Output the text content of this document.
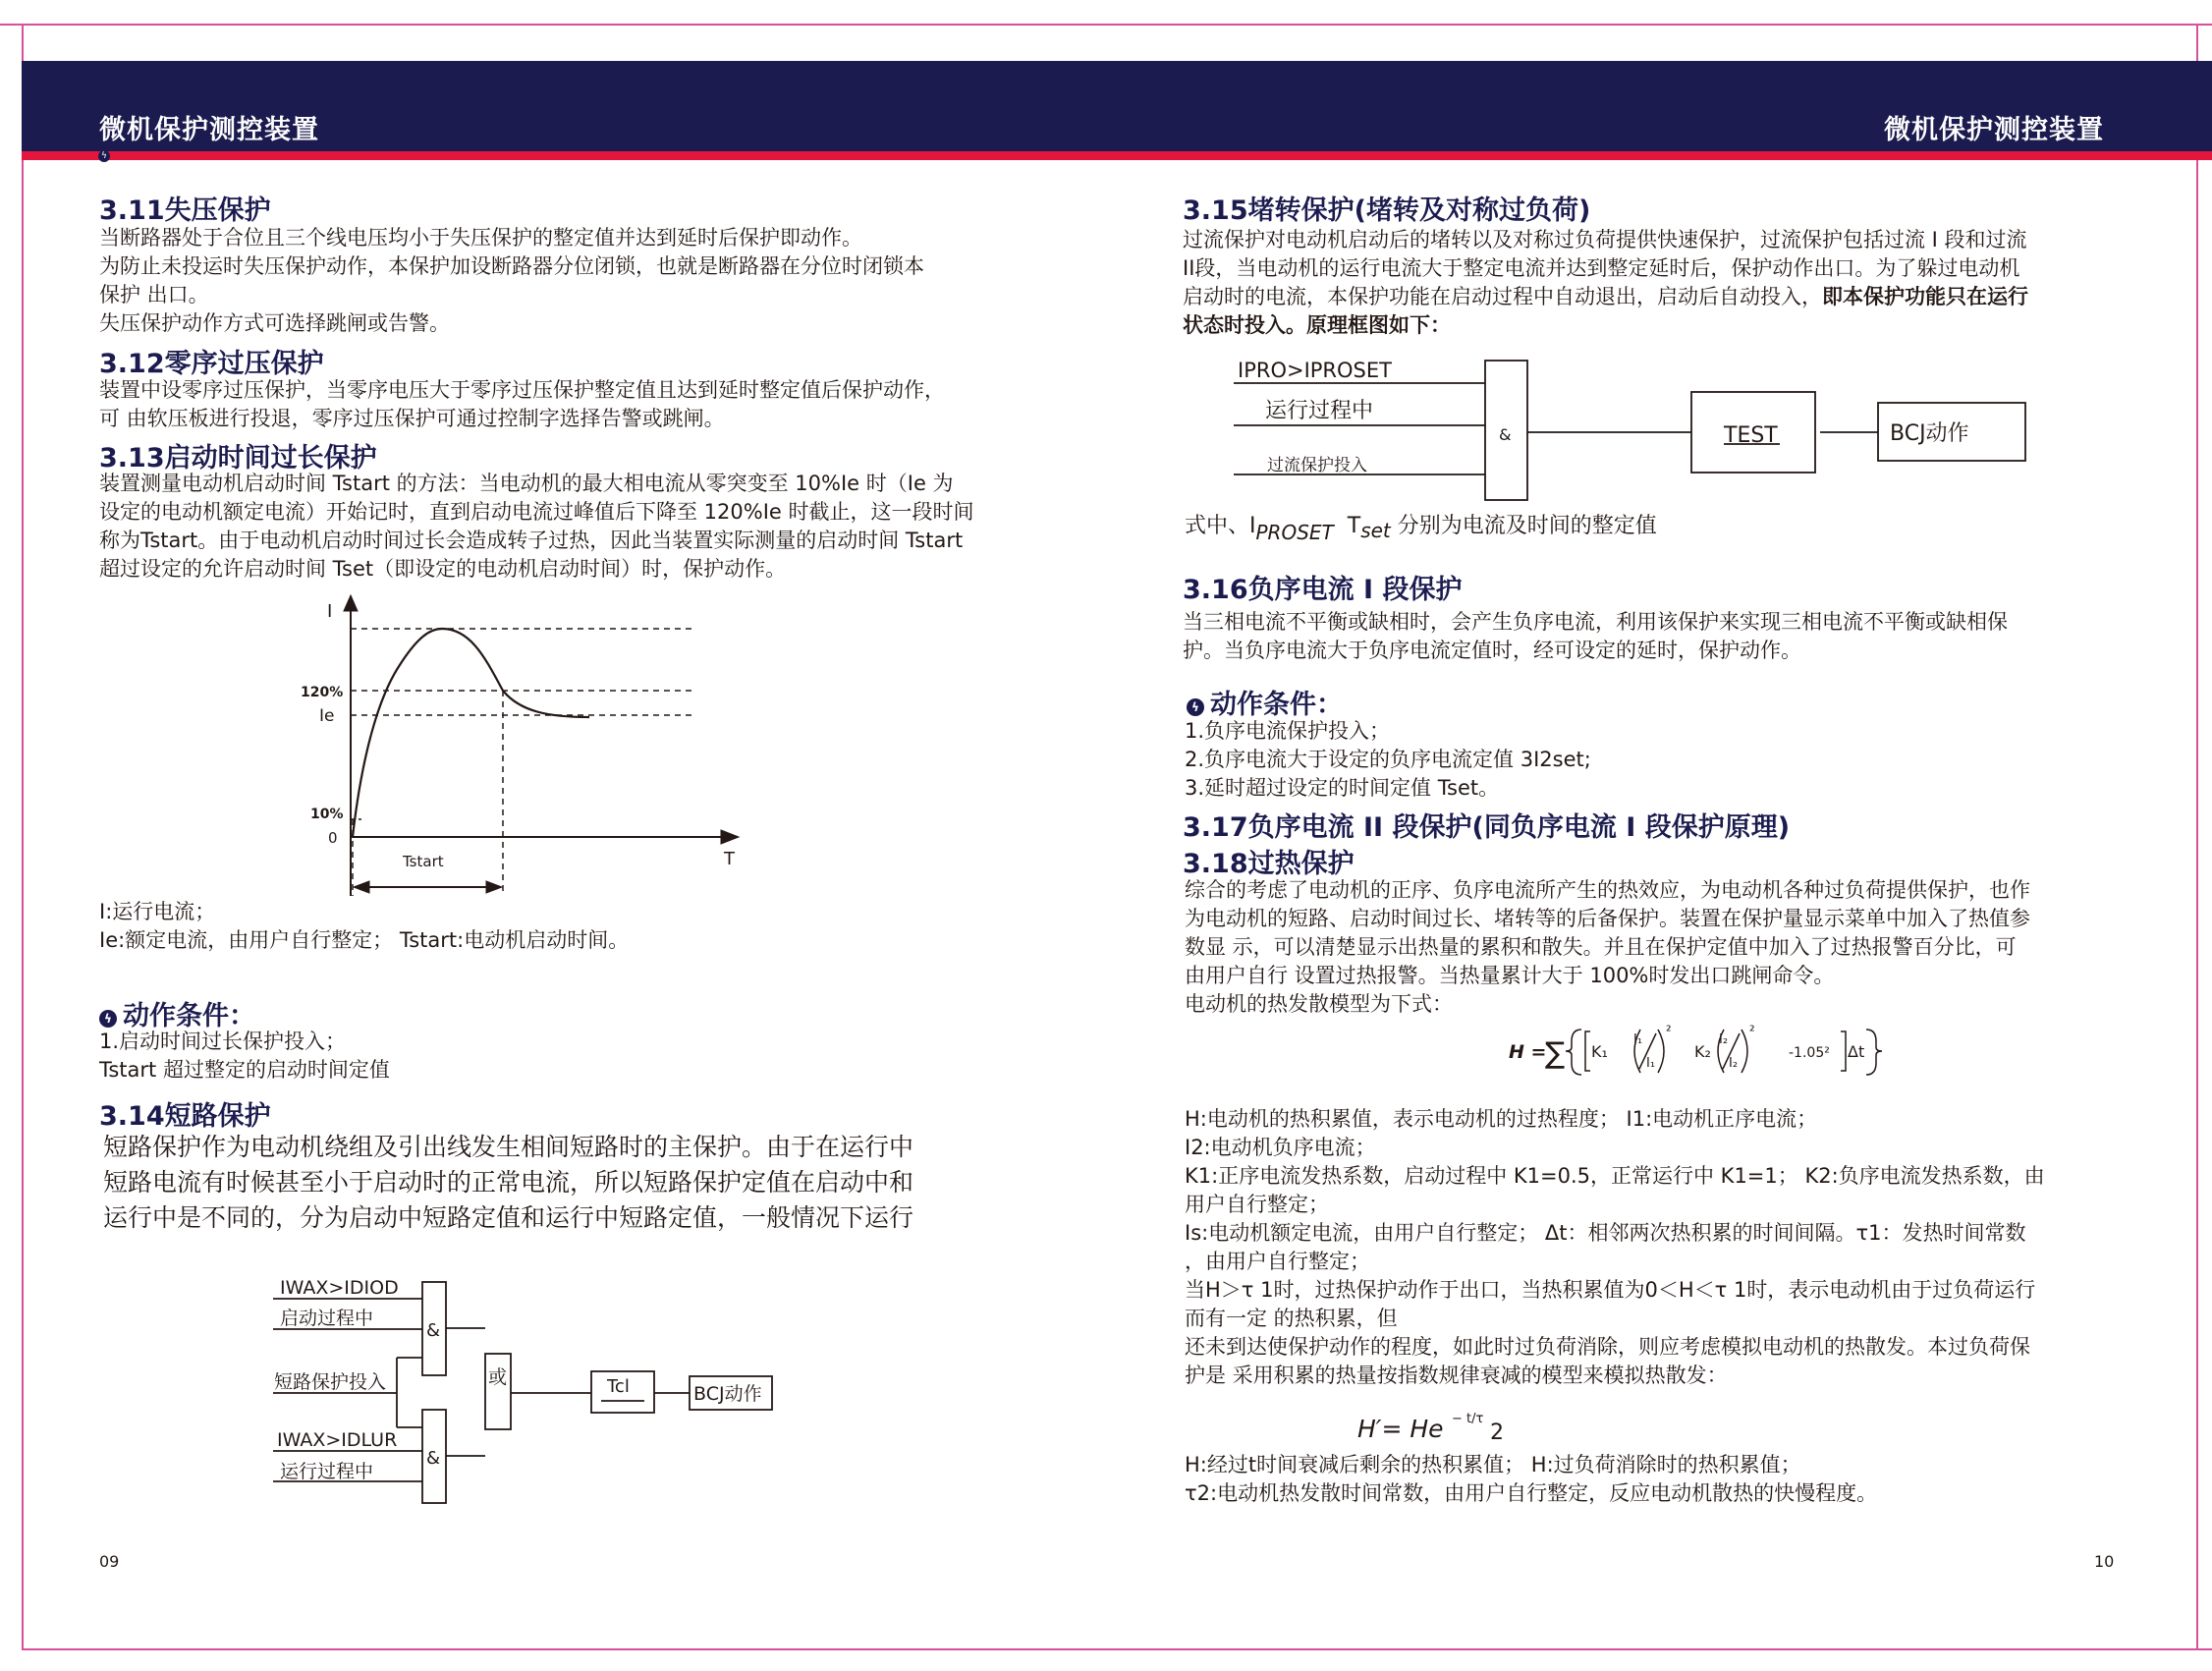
微机保护测控装置	微机保护测控装置
ϟ
3.11失压保护
当断路器处于合位且三个线电压均小于失压保护的整定值并达到延时后保护即动作。
为防止未投运时失压保护动作，本保护加设断路器分位闭锁，也就是断路器在分位时闭锁本
保护 出口。
失压保护动作方式可选择跳闸或告警。
3.12零序过压保护
装置中设零序过压保护，当零序电压大于零序过压保护整定值且达到延时整定值后保护动作，
可 由软压板进行投退，零序过压保护可通过控制字选择告警或跳闸。
3.13启动时间过长保护
装置测量电动机启动时间 Tstart 的方法：当电动机的最大相电流从零突变至 10%Ie 时（Ie 为
设定的电动机额定电流）开始记时，直到启动电流过峰值后下降至 120%Ie 时截止，这一段时间
称为Tstart。由于电动机启动时间过长会造成转子过热，因此当装置实际测量的启动时间 Tstart
超过设定的允许启动时间 Tset（即设定的电动机启动时间）时，保护动作。
I
T
120%
Ie
10%
0
Tstart
I:运行电流；
Ie:额定电流，由用户自行整定； Tstart:电动机启动时间。
ϟ 动作条件：
1.启动时间过长保护投入；
Tstart 超过整定的启动时间定值
3.14短路保护
短路保护作为电动机绕组及引出线发生相间短路时的主保护。由于在运行中
短路电流有时候甚至小于启动时的正常电流，所以短路保护定值在启动中和
运行中是不同的，分为启动中短路定值和运行中短路定值，一般情况下运行
IWAX>IDIOD
启动过程中
短路保护投入
IWAX>IDLUR
运行过程中
&
&
或	Tcl	BCJ动作
09
3.15堵转保护(堵转及对称过负荷)
过流保护对电动机启动后的堵转以及对称过负荷提供快速保护，过流保护包括过流 I 段和过流
II段，当电动机的运行电流大于整定电流并达到整定延时后，保护动作出口。为了躲过电动机
启动时的电流，本保护功能在启动过程中自动退出，启动后自动投入，即本保护功能只在运行
状态时投入。原理框图如下：
IPRO>IPROSET
运行过程中
过流保护投入
&	TEST	BCJ动作
式中、IPROSET Tset 分别为电流及时间的整定值
3.16负序电流 I 段保护
当三相电流不平衡或缺相时，会产生负序电流，利用该保护来实现三相电流不平衡或缺相保
护。当负序电流大于负序电流定值时，经可设定的延时，保护动作。
ϟ 动作条件：
1.负序电流保护投入；
2.负序电流大于设定的负序电流定值 3I2set;
3.延时超过设定的时间定值 Tset。
3.17负序电流 II 段保护(同负序电流 I 段保护原理)
3.18过热保护
综合的考虑了电动机的正序、负序电流所产生的热效应，为电动机各种过负荷提供保护，也作
为电动机的短路、启动时间过长、堵转等的后备保护。装置在保护量显示菜单中加入了热值参
数显 示，可以清楚显示出热量的累积和散失。并且在保护定值中加入了过热报警百分比，可
由用户自行 设置过热报警。当热量累计大于 100%时发出口跳闸命令。
电动机的热发散模型为下式：
H =
∑ K₁
I₁
I₁
²
K₂
I₂
I₂
²
-1.05² Δt
H:电动机的热积累值，表示电动机的过热程度； I1:电动机正序电流；
I2:电动机负序电流；
K1:正序电流发热系数，启动过程中 K1=0.5，正常运行中 K1=1； K2:负序电流发热系数，由
用户自行整定；
Is:电动机额定电流，由用户自行整定； Δt：相邻两次热积累的时间间隔。τ1：发热时间常数
，由用户自行整定；
当H＞τ 1时，过热保护动作于出口，当热积累值为0＜H＜τ 1时，表示电动机由于过负荷运行
而有一定 的热积累，但
还未到达使保护动作的程度，如此时过负荷消除，则应考虑模拟电动机的热散发。本过负荷保
护是 采用积累的热量按指数规律衰减的模型来模拟热散发：
H′= He − t/τ
2
H:经过t时间衰减后剩余的热积累值； H:过负荷消除时的热积累值；
τ2:电动机热发散时间常数，由用户自行整定，反应电动机散热的快慢程度。
10
